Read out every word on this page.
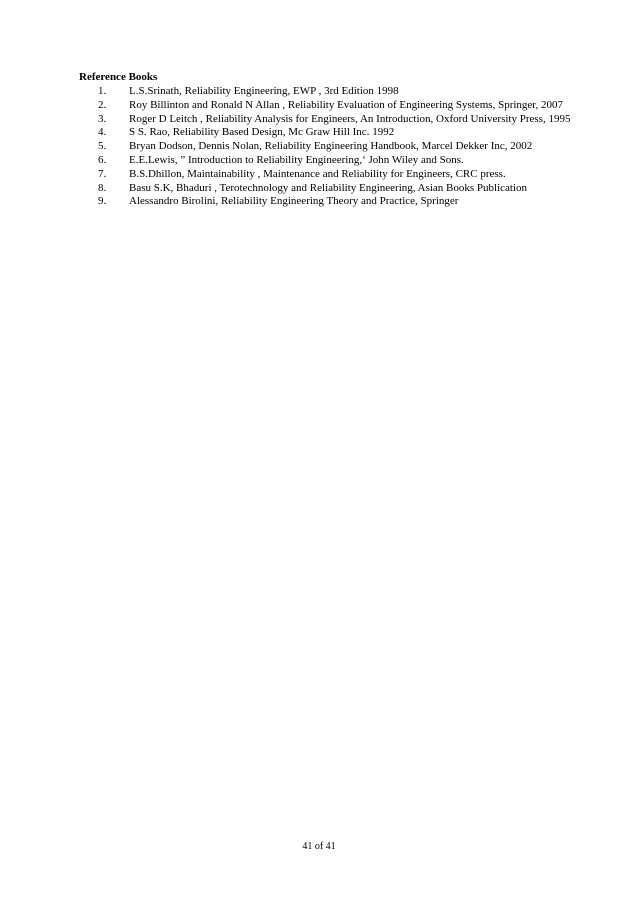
Reference Books
1. L.S.Srinath, Reliability Engineering, EWP , 3rd Edition 1998
2. Roy Billinton and Ronald N Allan , Reliability Evaluation of Engineering Systems, Springer, 2007
3. Roger D Leitch , Reliability Analysis for Engineers, An Introduction, Oxford University Press, 1995
4. S S. Rao, Reliability Based Design, Mc Graw Hill Inc. 1992
5. Bryan Dodson, Dennis Nolan, Reliability Engineering Handbook, Marcel Dekker Inc, 2002
6. E.E.Lewis, ” Introduction to Reliability Engineering,‘ John Wiley and Sons.
7. B.S.Dhillon, Maintainability , Maintenance and Reliability for Engineers, CRC press.
8. Basu S.K, Bhaduri , Terotechnology and Reliability Engineering, Asian Books Publication
9. Alessandro Birolini, Reliability Engineering Theory and Practice, Springer
41 of 41
